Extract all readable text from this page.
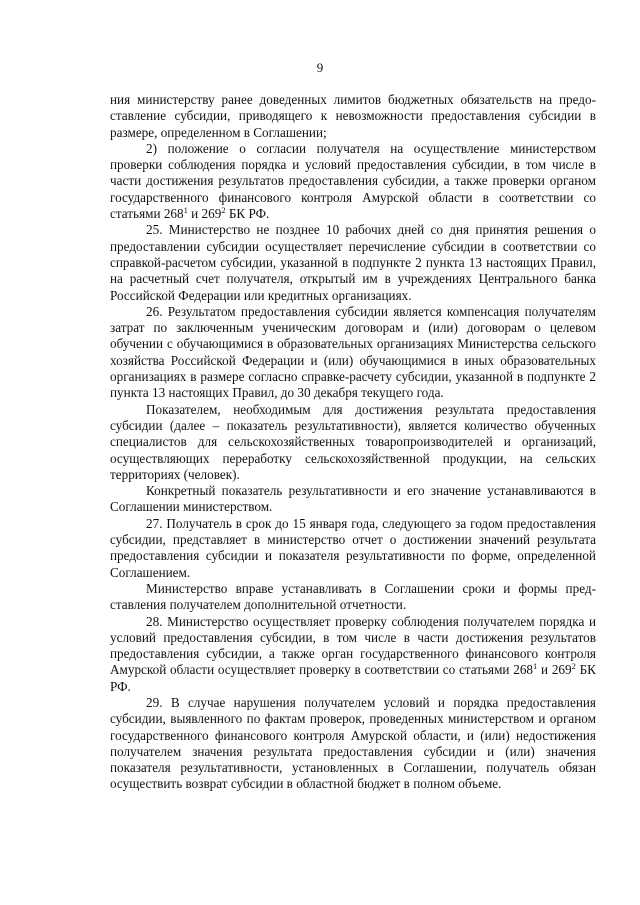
9

ния министерству ранее доведенных лимитов бюджетных обязательств на предоставление субсидии, приводящего к невозможности предоставления субсидии в размере, определенном в Соглашении;

2) положение о согласии получателя на осуществление министерством проверки соблюдения порядка и условий предоставления субсидии, в том числе в части достижения результатов предоставления субсидии, а также проверки органом государственного финансового контроля Амурской области в соответствии со статьями $268^1$ и $269^2$ БК РФ.

25. Министерство не позднее 10 рабочих дней со дня принятия решения о предоставлении субсидии осуществляет перечисление субсидии в соответствии со справкой-расчетом субсидии, указанной в подпункте 2 пункта 13 настоящих Правил, на расчетный счет получателя, открытый им в учреждениях Центрального банка Российской Федерации или кредитных организациях.

26. Результатом предоставления субсидии является компенсация получателям затрат по заключенным ученическим договорам и (или) договорам о целевом обучении с обучающимися в образовательных организациях Министерства сельского хозяйства Российской Федерации и (или) обучающимися в иных образовательных организациях в размере согласно справке-расчету субсидии, указанной в подпункте 2 пункта 13 настоящих Правил, до 30 декабря текущего года.

Показателем, необходимым для достижения результата предоставления субсидии (далее – показатель результативности), является количество обученных специалистов для сельскохозяйственных товаропроизводителей и организаций, осуществляющих переработку сельскохозяйственной продукции, на сельских территориях (человек).

Конкретный показатель результативности и его значение устанавливаются в Соглашении министерством.

27. Получатель в срок до 15 января года, следующего за годом предоставления субсидии, представляет в министерство отчет о достижении значений результата предоставления субсидии и показателя результативности по форме, определенной Соглашением.

Министерство вправе устанавливать в Соглашении сроки и формы представления получателем дополнительной отчетности.

28. Министерство осуществляет проверку соблюдения получателем порядка и условий предоставления субсидии, в том числе в части достижения результатов предоставления субсидии, а также орган государственного финансового контроля Амурской области осуществляет проверку в соответствии со статьями $268^1$ и $269^2$ БК РФ.

29. В случае нарушения получателем условий и порядка предоставления субсидии, выявленного по фактам проверок, проведенных министерством и органом государственного финансового контроля Амурской области, и (или) недостижения получателем значения результата предоставления субсидии и (или) значения показателя результативности, установленных в Соглашении, получатель обязан осуществить возврат субсидии в областной бюджет в полном объеме.
